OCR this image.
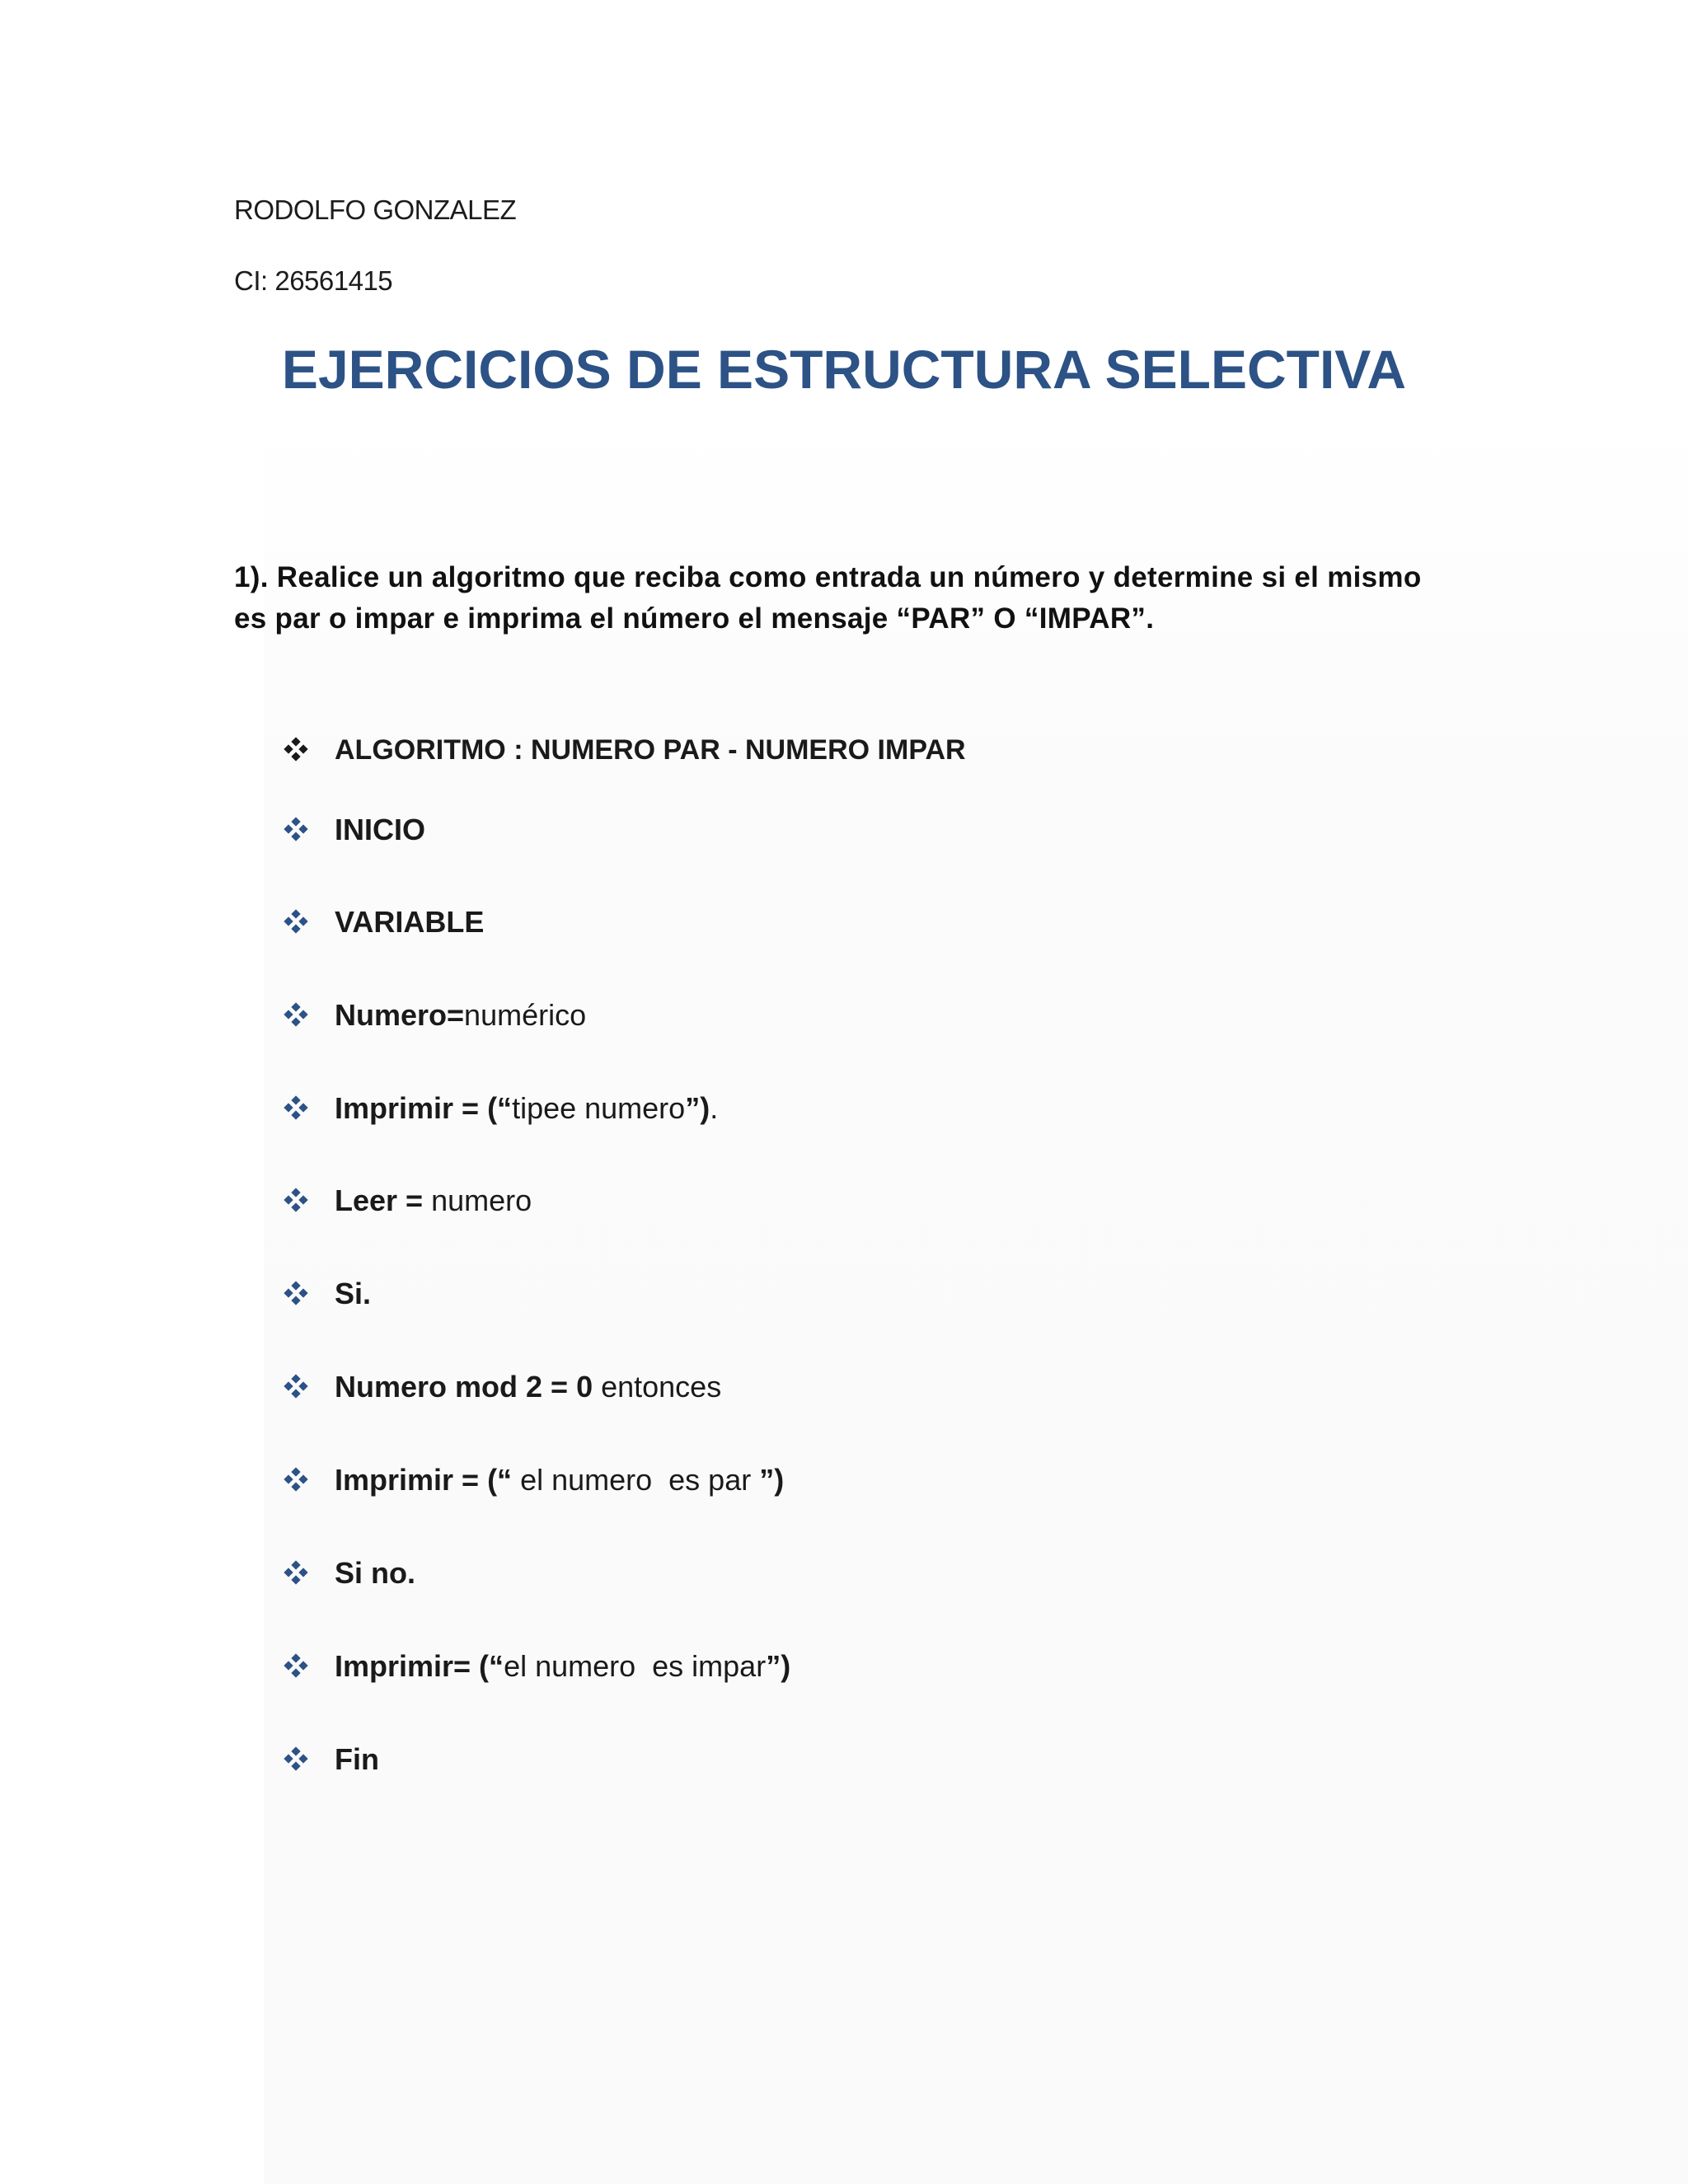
RODOLFO GONZALEZ
CI: 26561415
EJERCICIOS DE ESTRUCTURA SELECTIVA
1). Realice un algoritmo que reciba como entrada un número y determine si el mismo
es par o impar e imprima el número el mensaje “PAR” O “IMPAR”.
ALGORITMO : NUMERO PAR - NUMERO IMPAR
INICIO
VARIABLE
Numero=numérico
Imprimir = (“tipee numero”).
Leer = numero
Si.
Numero mod 2 = 0 entonces
Imprimir = (“ el numero  es par ”)
Si no.
Imprimir= (“el numero  es impar”)
Fin
